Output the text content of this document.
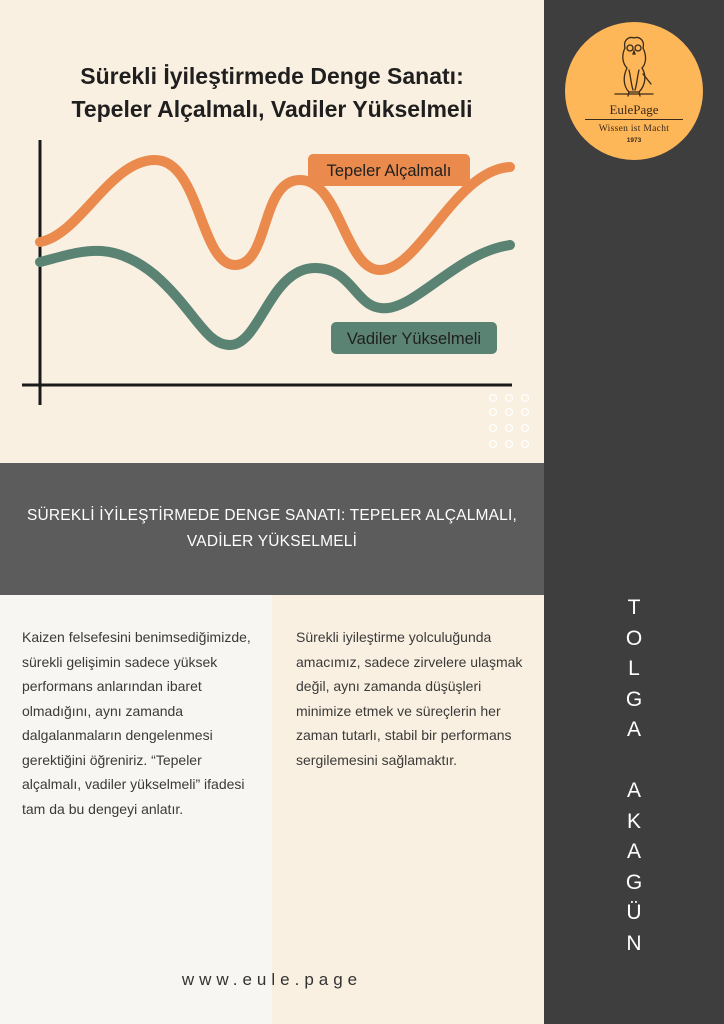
Sürekli İyileştirmede Denge Sanatı:
Tepeler Alçalmalı, Vadiler Yükselmeli
Tepeler Alçalmalı
Vadiler Yükselmeli
SÜREKLİ İYİLEŞTİRMEDE DENGE SANATI: TEPELER ALÇALMALI, VADİLER YÜKSELMELİ

Kaizen felsefesini benimsediğimizde, sürekli gelişimin sadece yüksek performans anlarından ibaret olmadığını, aynı zamanda dalgalanmaların dengelenmesi gerektiğini öğreniriz. “Tepeler alçalmalı, vadiler yükselmeli” ifadesi tam da bu dengeyi anlatır.

Sürekli iyileştirme yolculuğunda amacımız, sadece zirvelere ulaşmak değil, aynı zamanda düşüşleri minimize etmek ve süreçlerin her zaman tutarlı, stabil bir performans sergilemesini sağlamaktır.

www.eule.page
EulePage
Wissen ist Macht
1973
T
O
L
G
A
A
K
A
G
Ü
N
